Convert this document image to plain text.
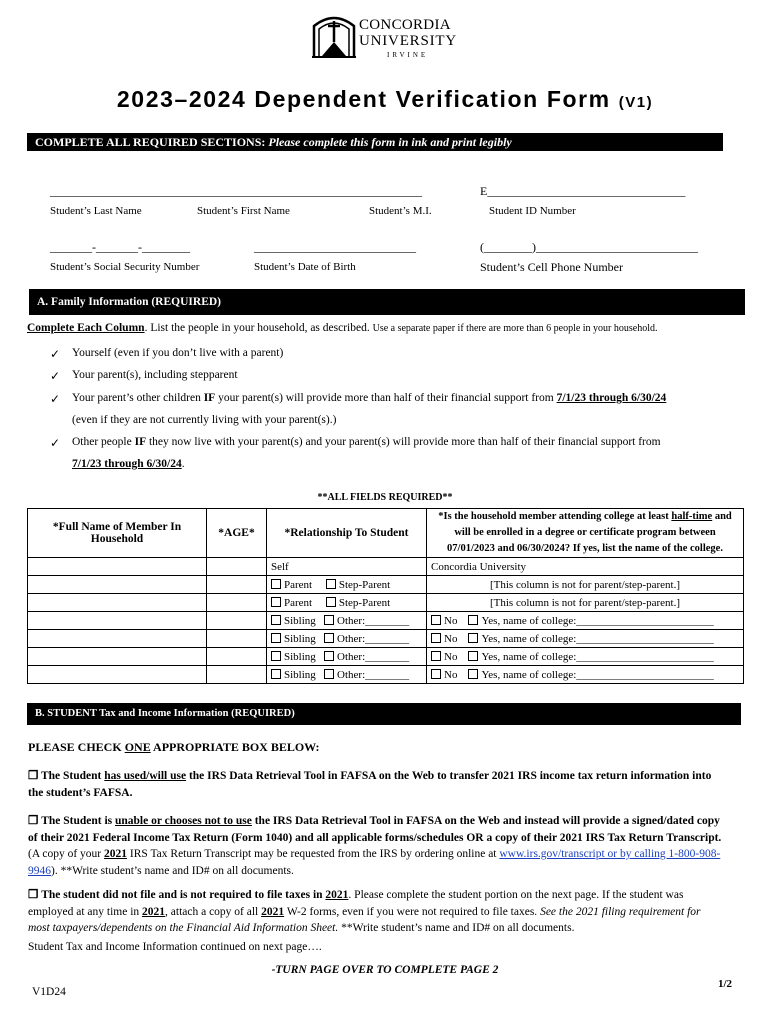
CONCORDIA
UNIVERSITY
IRVINE
2023–2024 Dependent Verification Form (V1)
COMPLETE ALL REQUIRED SECTIONS: Please complete this form in ink and print legibly
______________________________________________________________	E_________________________________
Student’s Last Name	Student’s First Name	Student’s M.I.	Student ID Number
_______-_______-________	___________________________	(________)___________________________
Student’s Social Security Number	Student’s Date of Birth	Student’s Cell Phone Number
A. Family Information (REQUIRED)
Complete Each Column. List the people in your household, as described. Use a separate paper if there are more than 6 people in your household.
✓ Yourself (even if you don’t live with a parent)
✓ Your parent(s), including stepparent
✓ Your parent’s other children IF your parent(s) will provide more than half of their financial support from 7/1/23 through 6/30/24
(even if they are not currently living with your parent(s).)
✓ Other people IF they now live with your parent(s) and your parent(s) will provide more than half of their financial support from
7/1/23 through 6/30/24.
**ALL FIELDS REQUIRED**
*Full Name of Member In Household	*AGE*	*Relationship To Student	*Is the household member attending college at least half-time and will be enrolled in a degree or certificate program between 07/01/2023 and 06/30/2024? If yes, list the name of the college.
		Self	Concordia University
		Parent Step-Parent	[This column is not for parent/step-parent.]
		Parent Step-Parent	[This column is not for parent/step-parent.]
		Sibling Other:________	No Yes, name of college:_________________________
		Sibling Other:________	No Yes, name of college:_________________________
		Sibling Other:________	No Yes, name of college:_________________________
		Sibling Other:________	No Yes, name of college:_________________________
B. STUDENT Tax and Income Information (REQUIRED)
PLEASE CHECK ONE APPROPRIATE BOX BELOW:
❒ The Student has used/will use the IRS Data Retrieval Tool in FAFSA on the Web to transfer 2021 IRS income tax return information into the student’s FAFSA.
❒ The Student is unable or chooses not to use the IRS Data Retrieval Tool in FAFSA on the Web and instead will provide a signed/dated copy of their 2021 Federal Income Tax Return (Form 1040) and all applicable forms/schedules OR a copy of their 2021 IRS Tax Return Transcript. (A copy of your 2021 IRS Tax Return Transcript may be requested from the IRS by ordering online at www.irs.gov/transcript or by calling 1-800-908-9946). **Write student’s name and ID# on all documents.
❒ The student did not file and is not required to file taxes in 2021. Please complete the student portion on the next page. If the student was employed at any time in 2021, attach a copy of all 2021 W-2 forms, even if you were not required to file taxes. See the 2021 filing requirement for most taxpayers/dependents on the Financial Aid Information Sheet. **Write student’s name and ID# on all documents.
Student Tax and Income Information continued on next page….
-TURN PAGE OVER TO COMPLETE PAGE 2
V1D24
1/2
